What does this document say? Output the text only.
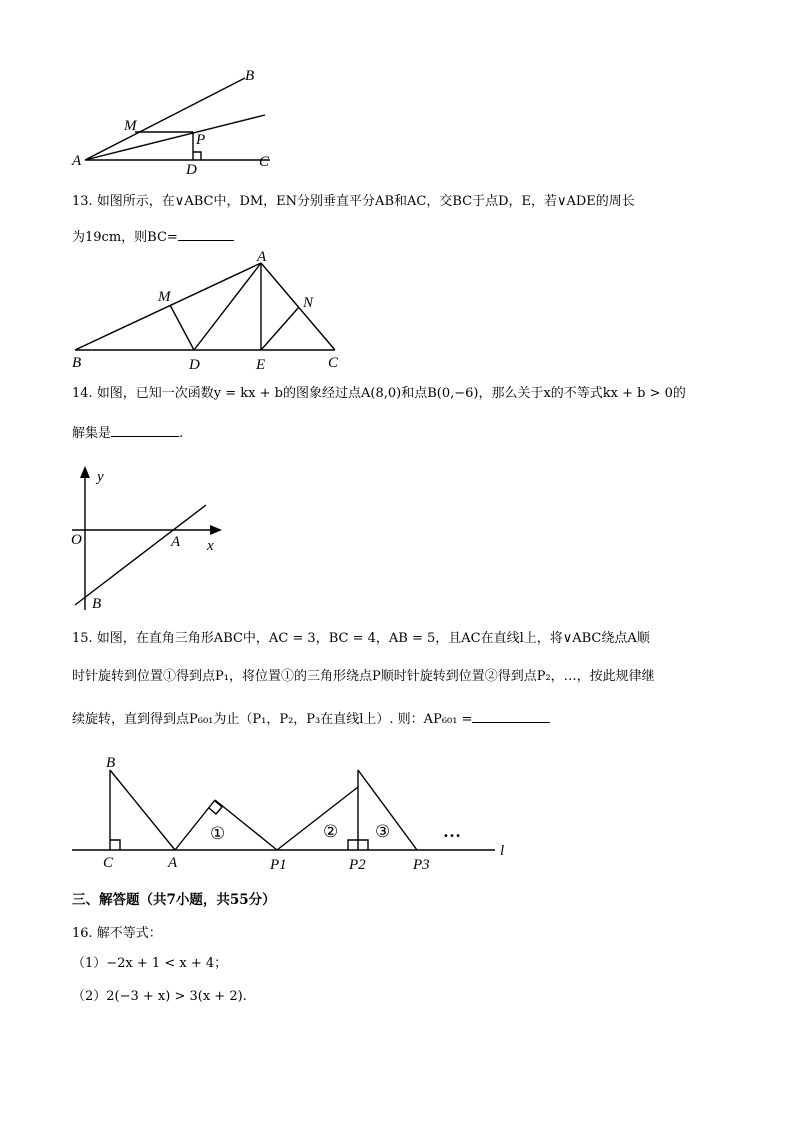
B
M
P
A
D	C
13. 如图所示，在∨ABC中，DM，EN分别垂直平分AB和AC，交BC于点D，E，若∨ADE的周长
为19cm，则BC=
A
M	N
B	D	E	C
14. 如图，已知一次函数y = kx + b的图象经过点A(8,0)和点B(0,−6)，那么关于x的不等式kx + b > 0的
解集是	.
y
O	A x
B
15. 如图，在直角三角形ABC中，AC = 3，BC = 4，AB = 5，且AC在直线l上，将∨ABC绕点A顺
时针旋转到位置①得到点P₁，将位置①的三角形绕点P顺时针旋转到位置②得到点P₂，…，按此规律继
续旋转，直到得到点P₆₀₁为止（P₁，P₂，P₃在直线l上）. 则：AP₆₀₁ =
B
C	A	P1	P2	P3
l
①	② ③	…
三、解答题（共7小题，共55分）
16. 解不等式：
（1）−2x + 1 < x + 4；
（2）2(−3 + x) > 3(x + 2).
